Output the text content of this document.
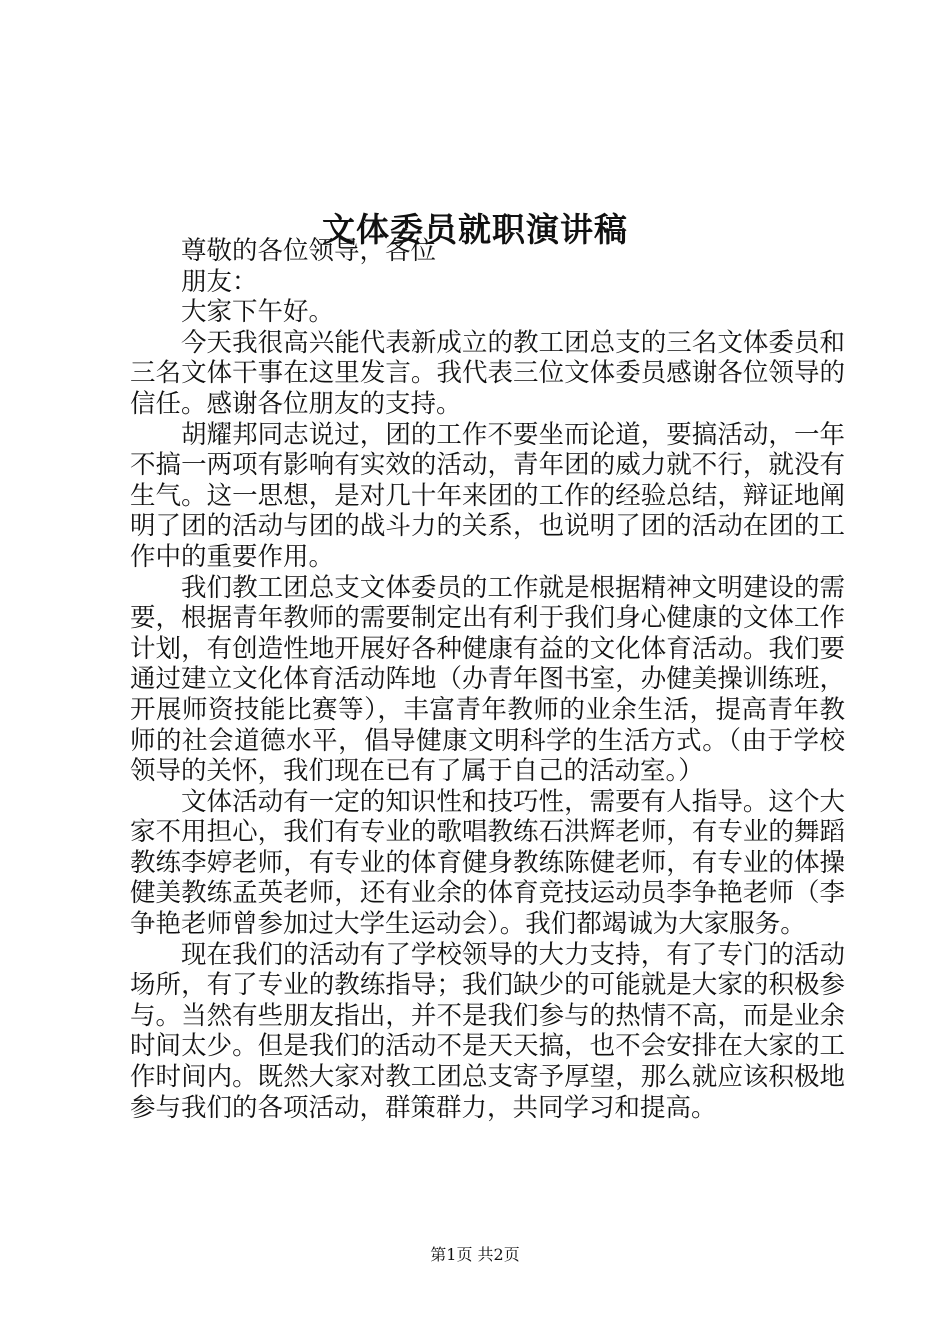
文体委员就职演讲稿

尊敬的各位领导，各位

朋友：

大家下午好。

今天我很高兴能代表新成立的教工团总支的三名文体委员和三名文体干事在这里发言。我代表三位文体委员感谢各位领导的信任。感谢各位朋友的支持。

胡耀邦同志说过，团的工作不要坐而论道，要搞活动，一年不搞一两项有影响有实效的活动，青年团的威力就不行，就没有生气。这一思想，是对几十年来团的工作的经验总结，辩证地阐明了团的活动与团的战斗力的关系，也说明了团的活动在团的工作中的重要作用。

我们教工团总支文体委员的工作就是根据精神文明建设的需要，根据青年教师的需要制定出有利于我们身心健康的文体工作计划，有创造性地开展好各种健康有益的文化体育活动。我们要通过建立文化体育活动阵地（办青年图书室，办健美操训练班，开展师资技能比赛等），丰富青年教师的业余生活，提高青年教师的社会道德水平，倡导健康文明科学的生活方式。（由于学校领导的关怀，我们现在已有了属于自己的活动室。）

文体活动有一定的知识性和技巧性，需要有人指导。这个大家不用担心，我们有专业的歌唱教练石洪辉老师，有专业的舞蹈教练李婷老师，有专业的体育健身教练陈健老师，有专业的体操健美教练孟英老师，还有业余的体育竞技运动员李争艳老师（李争艳老师曾参加过大学生运动会）。我们都竭诚为大家服务。

现在我们的活动有了学校领导的大力支持，有了专门的活动场所，有了专业的教练指导；我们缺少的可能就是大家的积极参与。当然有些朋友指出，并不是我们参与的热情不高，而是业余时间太少。但是我们的活动不是天天搞，也不会安排在大家的工作时间内。既然大家对教工团总支寄予厚望，那么就应该积极地参与我们的各项活动，群策群力，共同学习和提高。

第1页 共2页
